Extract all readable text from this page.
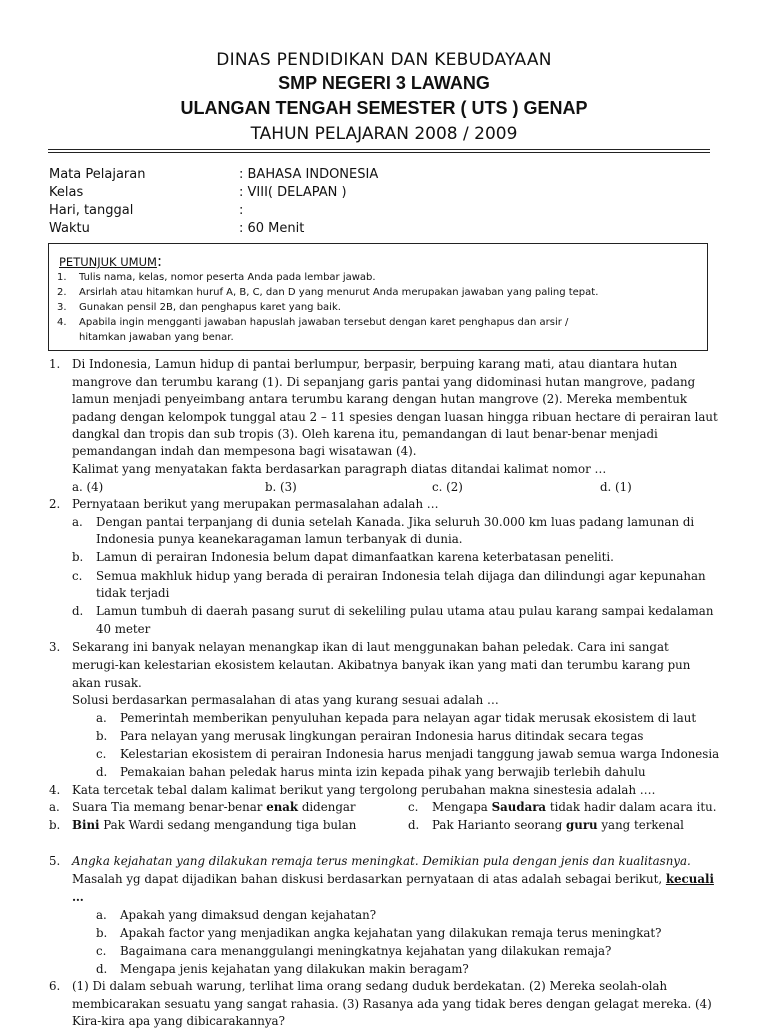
DINAS PENDIDIKAN DAN KEBUDAYAAN
SMP NEGERI 3 LAWANG
ULANGAN TENGAH SEMESTER ( UTS ) GENAP
TAHUN PELAJARAN 2008 / 2009
Mata Pelajaran	: BAHASA INDONESIA
Kelas	: VIII( DELAPAN )
Hari, tanggal	:
Waktu	: 60 Menit
PETUNJUK UMUM:
1. Tulis nama, kelas, nomor peserta Anda pada lembar jawab.
2. Arsirlah atau hitamkan huruf A, B, C, dan D yang menurut Anda merupakan jawaban yang paling tepat.
3. Gunakan pensil 2B, dan penghapus karet yang baik.
4. Apabila ingin mengganti jawaban hapuslah jawaban tersebut dengan karet penghapus dan arsir /
hitamkan jawaban yang benar.
1. Di Indonesia, Lamun hidup di pantai berlumpur, berpasir, berpuing karang mati, atau diantara hutan
mangrove dan terumbu karang (1). Di sepanjang garis pantai yang didominasi hutan mangrove, padang
lamun menjadi penyeimbang antara terumbu karang dengan hutan mangrove (2). Mereka membentuk
padang dengan kelompok tunggal atau 2 – 11 spesies dengan luasan hingga ribuan hectare di perairan laut
dangkal dan tropis dan sub tropis (3). Oleh karena itu, pemandangan di laut benar-benar menjadi
pemandangan indah dan mempesona bagi wisatawan (4).
Kalimat yang menyatakan fakta berdasarkan paragraph diatas ditandai kalimat nomor …
a. (4)	b. (3)	c. (2)	d. (1)
2. Pernyataan berikut yang merupakan permasalahan adalah …
a. Dengan pantai terpanjang di dunia setelah Kanada. Jika seluruh 30.000 km luas padang lamunan di
Indonesia punya keanekaragaman lamun terbanyak di dunia.
b. Lamun di perairan Indonesia belum dapat dimanfaatkan karena keterbatasan peneliti.
c. Semua makhluk hidup yang berada di perairan Indonesia telah dijaga dan dilindungi agar kepunahan
tidak terjadi
d. Lamun tumbuh di daerah pasang surut di sekeliling pulau utama atau pulau karang sampai kedalaman
40 meter
3. Sekarang ini banyak nelayan menangkap ikan di laut menggunakan bahan peledak. Cara ini sangat
merugi-kan kelestarian ekosistem kelautan. Akibatnya banyak ikan yang mati dan terumbu karang pun
akan rusak.
Solusi berdasarkan permasalahan di atas yang kurang sesuai adalah …
a. Pemerintah memberikan penyuluhan kepada para nelayan agar tidak merusak ekosistem di laut
b. Para nelayan yang merusak lingkungan perairan Indonesia harus ditindak secara tegas
c. Kelestarian ekosistem di perairan Indonesia harus menjadi tanggung jawab semua warga Indonesia
d. Pemakaian bahan peledak harus minta izin kepada pihak yang berwajib terlebih dahulu
4. Kata tercetak tebal dalam kalimat berikut yang tergolong perubahan makna sinestesia adalah ….
a. Suara Tia memang benar-benar enak didengar	c. Mengapa Saudara tidak hadir dalam acara itu.
b. Bini Pak Wardi sedang mengandung tiga bulan	d. Pak Harianto seorang guru yang terkenal
5. Angka kejahatan yang dilakukan remaja terus meningkat. Demikian pula dengan jenis dan kualitasnya.
Masalah yg dapat dijadikan bahan diskusi berdasarkan pernyataan di atas adalah sebagai berikut, kecuali
…
a. Apakah yang dimaksud dengan kejahatan?
b. Apakah factor yang menjadikan angka kejahatan yang dilakukan remaja terus meningkat?
c. Bagaimana cara menanggulangi meningkatnya kejahatan yang dilakukan remaja?
d. Mengapa jenis kejahatan yang dilakukan makin beragam?
6. (1) Di dalam sebuah warung, terlihat lima orang sedang duduk berdekatan. (2) Mereka seolah-olah
membicarakan sesuatu yang sangat rahasia. (3) Rasanya ada yang tidak beres dengan gelagat mereka. (4)
Kira-kira apa yang dibicarakannya?
